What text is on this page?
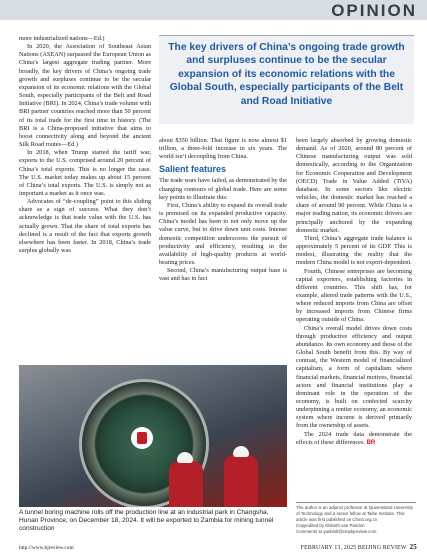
OPINION

more industrialized nations—Ed.)

In 2020, the Association of Southeast Asian Nations (ASEAN) surpassed the European Union as China’s largest aggregate trading partner. More broadly, the key drivers of China’s ongoing trade growth and surpluses continue to be the secular expansion of its economic relations with the Global South, especially participants of the Belt and Road Initiative (BRI). In 2024, China’s trade volume with BRI partner countries reached more than 50 percent of its total trade for the first time in history. (The BRI is a China-proposed initiative that aims to boost connectivity along and beyond the ancient Silk Road routes—Ed.)

In 2018, when Trump started the tariff war, exports to the U.S. comprised around 20 percent of China’s total exports. This is no longer the case. The U.S. market today makes up about 15 percent of China’s total exports. The U.S. is simply not as important a market as it once was.

Advocates of “de-coupling” point to this sliding share as a sign of success. What they don’t acknowledge is that trade value with the U.S. has actually grown. That the share of total exports has declined is a result of the fact that exports growth elsewhere has been faster. In 2018, China’s trade surplus globally was

The key drivers of China’s ongoing trade growth and surpluses continue to be the secular expansion of its economic relations with the Global South, especially participants of the Belt and Road Initiative

about $350 billion. That figure is now almost $1 trillion, a three-fold increase in six years. The world isn’t decoupling from China.

Salient features

The trade wars have failed, as demonstrated by the changing contours of global trade. Here are some key points to illustrate this:

First, China’s ability to expand its overall trade is premised on its expanded productive capacity. China’s model has been to not only move up the value curve, but to drive down unit costs. Intense domestic competition underscores the pursuit of productivity and efficiency, resulting in the availability of high-quality products at world-beating prices.

Second, China’s manufacturing output base is vast and has in fact

been largely absorbed by growing domestic demand. As of 2020, around 80 percent of Chinese manufacturing output was sold domestically, according to the Organization for Economic Cooperation and Development (OECD) Trade in Value Added (TiVA) database. In some sectors like electric vehicles, the domestic market has reached a share of around 90 percent. While China is a major trading nation, its economic drivers are principally anchored by the expanding domestic market.

Third, China’s aggregate trade balance is approximately 5 percent of its GDP. This is modest, illustrating the reality that the modern China model is not export-dependent.

Fourth, Chinese enterprises are becoming capital exporters, establishing factories in different countries. This shift has, for example, altered trade patterns with the U.S., where reduced imports from China are offset by increased imports from Chinese firms operating outside of China.

China’s overall model drives down costs through productive efficiency and output abundance. Its own economy and those of the Global South benefit from this. By way of contrast, the Western model of financialized capitalism, a form of capitalism where financial markets, financial motives, financial actors and financial institutions play a dominant role in the operation of the economy, is built on confected scarcity underpinning a rentier economy, an economic system where income is derived primarily from the ownership of assets.

The 2024 trade data demonstrate the effects of these differences. BR

A tunnel boring machine rolls off the production line at an industrial park in Changsha, Hunan Province, on December 18, 2024. It will be exported to Zambia for mining tunnel construction
The author is an adjunct professor at Queensland University of Technology and a senior fellow at Taihe Institute. This article was first published on China.org.cn
Copyedited by Elsbeth van Paridon
Comments to yanbinll@cmpbjreview.com
http://www.bjreview.com	FEBRUARY 13, 2025 BEIJING REVIEW 25
